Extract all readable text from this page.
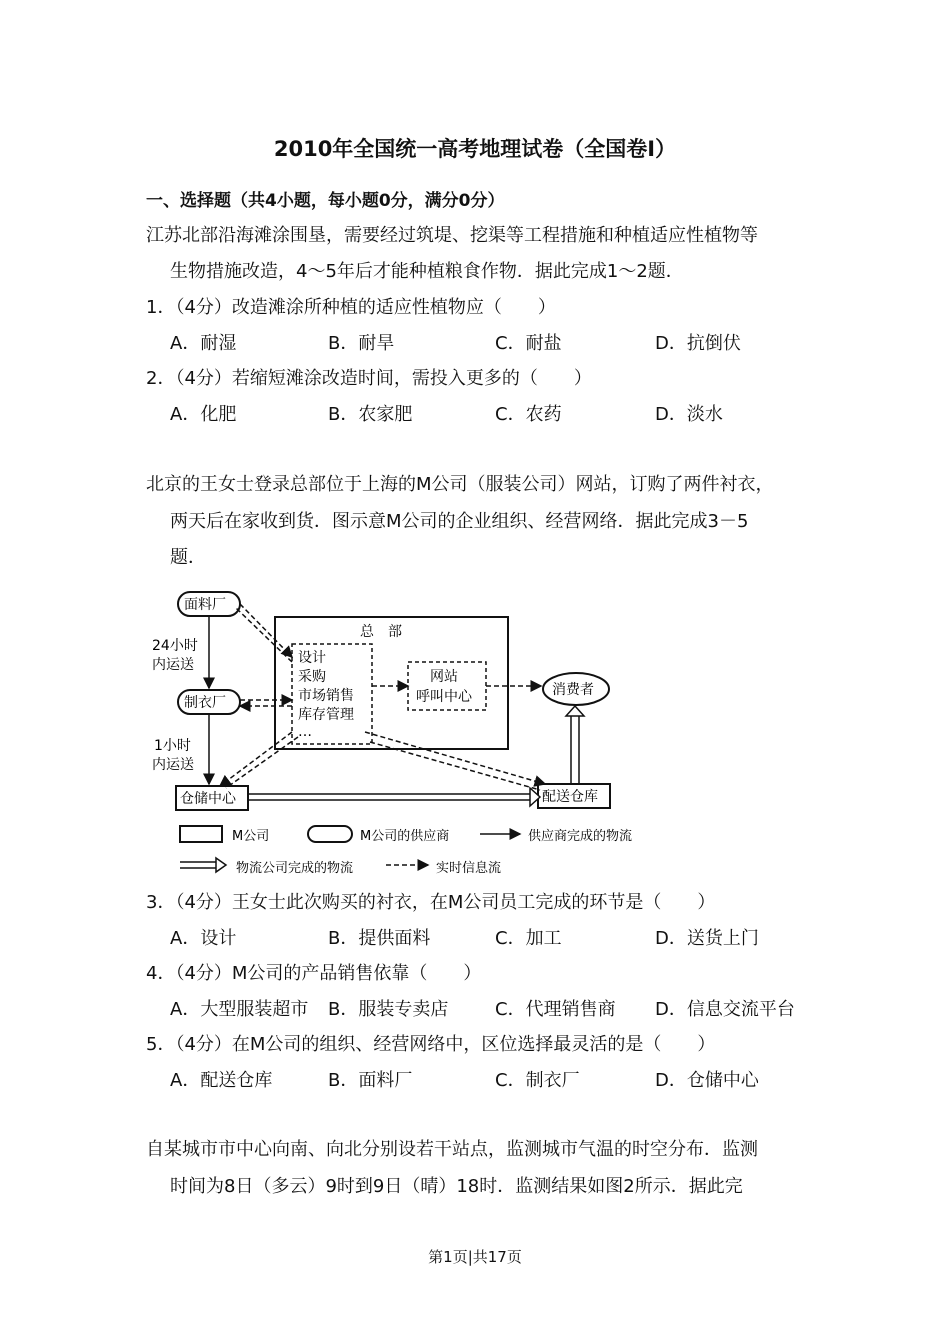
2010年全国统一高考地理试卷（全国卷Ⅰ）
一、选择题（共4小题，每小题0分，满分0分）
江苏北部沿海滩涂围垦，需要经过筑堤、挖渠等工程措施和种植适应性植物等
生物措施改造，4～5年后才能种植粮食作物．据此完成1～2题．
1．（4分）改造滩涂所种植的适应性植物应（　　）
A．耐湿	B．耐旱	C．耐盐	D．抗倒伏
2．（4分）若缩短滩涂改造时间，需投入更多的（　　）
A．化肥	B．农家肥	C．农药	D．淡水
北京的王女士登录总部位于上海的M公司（服装公司）网站，订购了两件衬衣，
两天后在家收到货．图示意M公司的企业组织、经营网络．据此完成3－5
题．
总　部
设计
采购
市场销售
库存管理
…
网站
呼叫中心
面料厂
制衣厂
消费者
仓储中心	配送仓库
24小时
内运送
1小时
内运送
M公司	M公司的供应商	供应商完成的物流
物流公司完成的物流	实时信息流
3．（4分）王女士此次购买的衬衣，在M公司员工完成的环节是（　　）
A．设计	B．提供面料	C．加工	D．送货上门
4．（4分）M公司的产品销售依靠（　　）
A．大型服装超市 B．服装专卖店	C．代理销售商 D．信息交流平台
5．（4分）在M公司的组织、经营网络中，区位选择最灵活的是（　　）
A．配送仓库	B．面料厂	C．制衣厂	D．仓储中心
自某城市市中心向南、向北分别设若干站点，监测城市气温的时空分布．监测
时间为8日（多云）9时到9日（晴）18时．监测结果如图2所示．据此完
第1页|共17页
